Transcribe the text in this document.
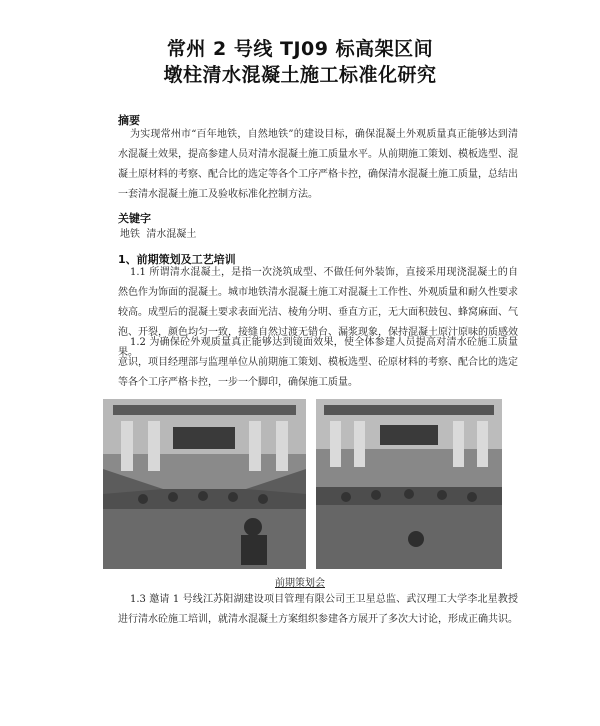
常州 2 号线 TJ09 标高架区间
墩柱清水混凝土施工标准化研究
摘要
为实现常州市“百年地铁，自然地铁”的建设目标，确保混凝土外观质量真正能够达到清水混凝土效果，提高参建人员对清水混凝土施工质量水平。从前期施工策划、模板选型、混凝土原材料的考察、配合比的选定等各个工序严格卡控，确保清水混凝土施工质量，总结出一套清水混凝土施工及验收标准化控制方法。
关键字
地铁  清水混凝土
1、前期策划及工艺培训
1.1 所谓清水混凝土，是指一次浇筑成型、不做任何外装饰，直接采用现浇混凝土的自然色作为饰面的混凝土。城市地铁清水混凝土施工对混凝土工作性、外观质量和耐久性要求较高。成型后的混凝土要求表面光洁、棱角分明、垂直方正，无大面积鼓包、蜂窝麻面、气泡、开裂，颜色均匀一致，接缝自然过渡无错台、漏浆现象，保持混凝土原汁原味的质感效果。
1.2 为确保砼外观质量真正能够达到镜面效果，使全体参建人员提高对清水砼施工质量意识，项目经理部与监理单位从前期施工策划、模板选型、砼原材料的考察、配合比的选定等各个工序严格卡控，一步一个脚印，确保施工质量。
前期策划会
1.3 邀请 1 号线江苏阳湖建设项目管理有限公司王卫星总监、武汉理工大学李北星教授进行清水砼施工培训，就清水混凝土方案组织参建各方展开了多次大讨论，形成正确共识。
